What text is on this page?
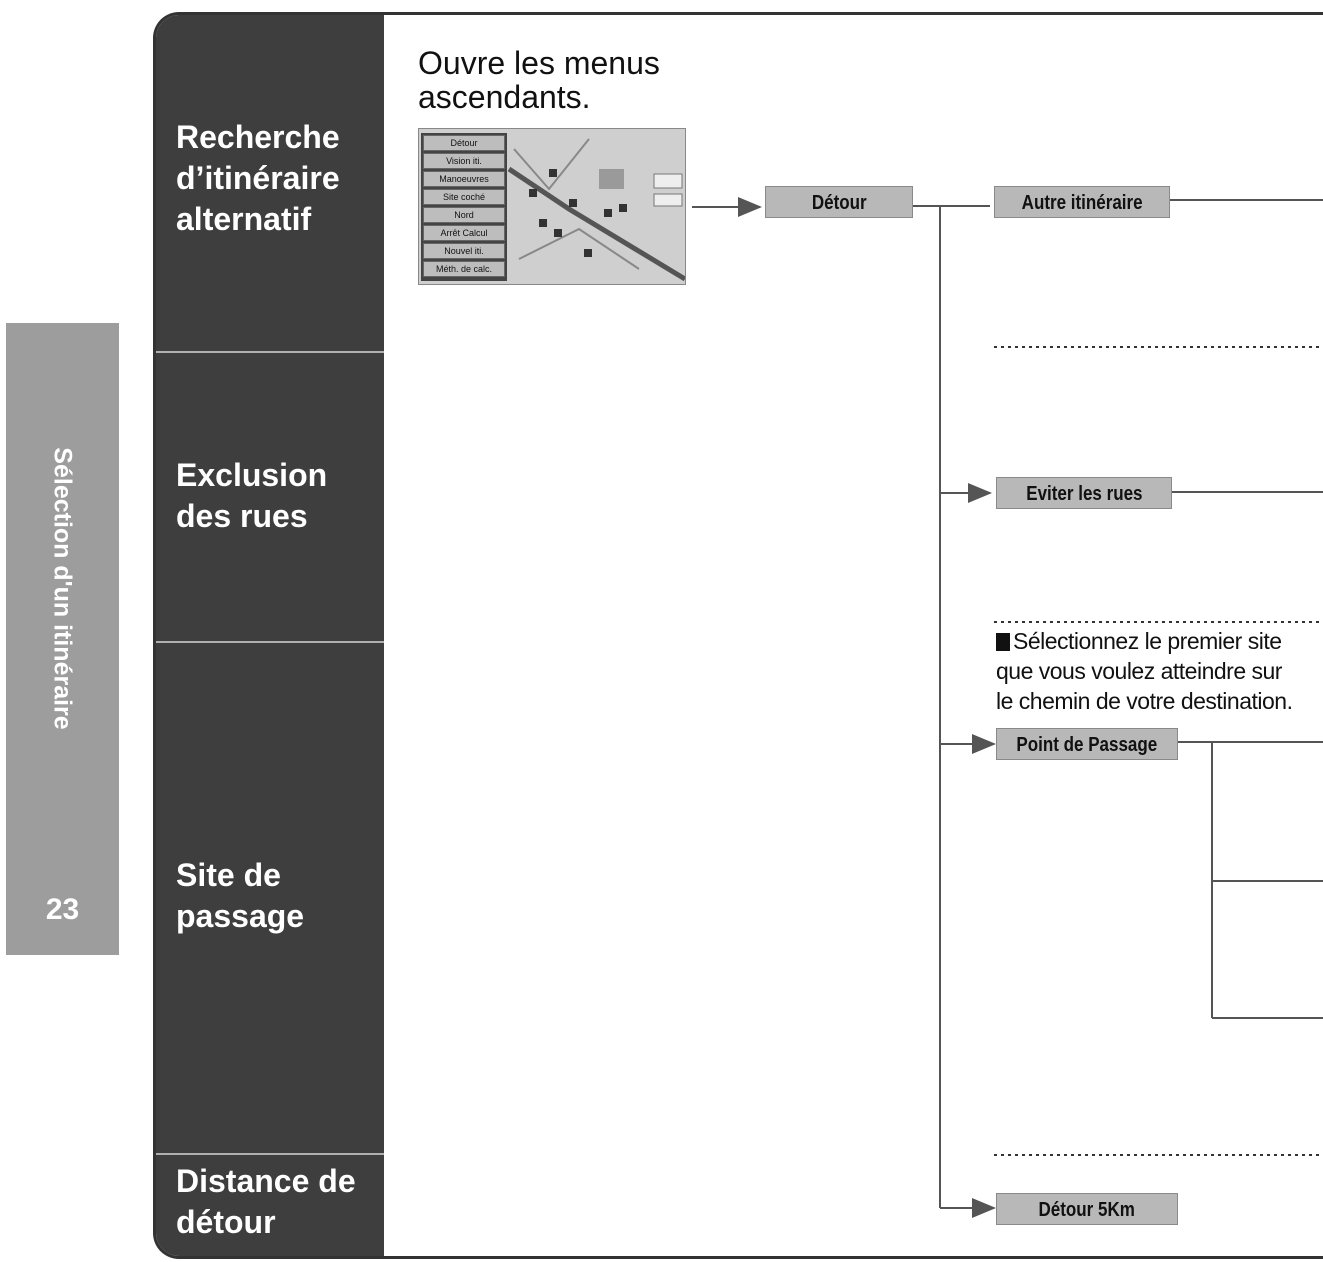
Sélection d'un itinéraire
23
Recherche
d’itinéraire
alternatif
Exclusion
des rues
Site de
passage
Distance de
détour
Ouvre les menus
ascendants.
Détour
Vision iti.
Manoeuvres
Site coché
Nord
Arrêt Calcul
Nouvel iti.
Méth. de calc.
Détour	Autre itinéraire
Eviter les rues
Point de Passage
Détour 5Km
Sélectionnez le premier site
que vous voulez atteindre sur
le chemin de votre destination.
